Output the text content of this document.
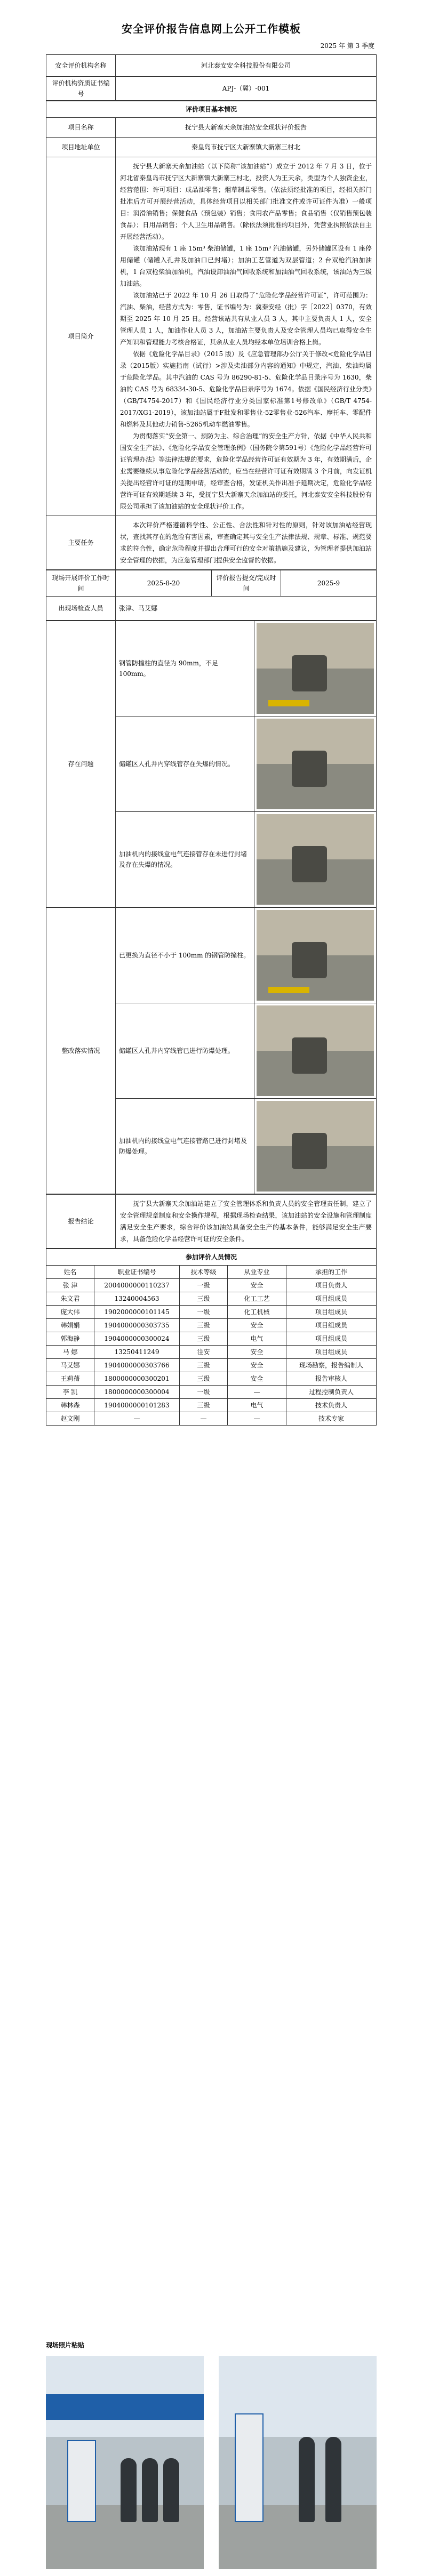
安全评价报告信息网上公开工作模板
2025 年 第 3 季度
安全评价机构名称	河北泰安安全科技股份有限公司
评价机构资质证书编号	APJ-（冀）-001
评价项目基本情况	
项目名称	抚宁县大新寨天余加油站安全现状评价报告
项目地址单位	秦皇岛市抚宁区大新寨镇大新寨三村北
项目简介	抚宁县大新寨天余加油站（以下简称“该加油站”）成立于 2012 年 7 月 3 日，位于河北省秦皇岛市抚宁区大新寨镇大新寨三村北，投资人为王天余，类型为个人独资企业，经营范围：许可项目：成品油零售；烟草制品零售。（依法须经批准的项目，经相关部门批准后方可开展经营活动，具体经营项目以相关部门批准文件或许可证件为准）一般项目：润滑油销售；保健食品（预包装）销售；食用农产品零售；食品销售（仅销售预包装食品）；日用品销售；个人卫生用品销售。（除依法须批准的项目外，凭营业执照依法自主开展经营活动）。
该加油站现有 1 座 15m³ 柴油储罐，1 座 15m³ 汽油储罐，另外储罐区设有 1 座停用储罐（储罐入孔井及加油口已封堵）；加油工艺管道为双层管道；2 台双枪汽油加油机，1 台双枪柴油加油机，汽油设卸油油气回收系统和加油油气回收系统，该油站为三级加油站。
该加油站已于 2022 年 10 月 26 日取得了“危险化学品经营许可证”，许可范围为：汽油、柴油，经营方式为：零售，证书编号为：冀秦安经（批）字［2022］0370，有效期至 2025 年 10 月 25 日。经营该站共有从业人员 3 人，其中主要负责人 1 人，安全管理人员 1 人，加油作业人员 3 人，加油站主要负责人及安全管理人员均已取得安全生产知识和管理能力考核合格证，其余从业人员均经本单位培训合格上岗。
依据《危险化学品目录》（2015 版）及《应急管理部办公厅关于修改<危险化学品目录（2015版）实施指南（试行）>涉及柴油部分内容的通知》中规定，汽油、柴油均属于危险化学品。其中汽油的 CAS 号为 86290-81-5、危险化学品目录序号为 1630，柴油的 CAS 号为 68334-30-5、危险化学品目录序号为 1674。依据《国民经济行业分类》（GB/T4754-2017）和《国民经济行业分类国家标准第1号修改单》（GB/T 4754-2017/XG1-2019），该加油站属于F批发和零售业-52零售业-526汽车、摩托车、零配件和燃料及其他动力销售-5265机动车燃油零售。
为贯彻落实“安全第一、预防为主、综合治理”的安全生产方针，依据《中华人民共和国安全生产法》、《危险化学品安全管理条例》（国务院令第591号）《危险化学品经营许可证管理办法》等法律法规的要求，危险化学品经营许可证有效期为 3 年，有效期满后，企业需要继续从事危险化学品经营活动的，应当在经营许可证有效期满 3 个月前，向发证机关提出经营许可证的延期申请，经审查合格，发证机关作出准予延期决定，危险化学品经营许可证有效期延续 3 年，受抚宁县大新寨天余加油站的委托，河北泰安安全科技股份有限公司承担了该加油站的安全现状评价工作。

主要任务	本次评价严格遵循科学性、公正性、合法性和针对性的原则，针对该加油站经营现状，查找其存在的危险有害因素，审查确定其与安全生产法律法规、规章、标准、规范要求的符合性，确定危险程度并提出合理可行的安全对策措施及建议，为管理者提供加油站安全管理的依据，为应急管理部门提供安全监督的依据。
现场开展评价工作时间	2025-8-20	评价报告提交/完成时间	2025-9
出现场检查人员	张津、马艾娜		
存在问题	钢管防撞柱的直径为 90mm，不足 100mm。	

	储罐区人孔井内穿线管存在失爆的情况。	

	加油机内的接线盒电气连接管存在未进行封堵及存在失爆的情况。	
整改落实情况	已更换为直径不小于 100mm 的钢管防撞柱。	

	储罐区人孔井内穿线管已进行防爆处理。	

	加油机内的接线盒电气连接管路已进行封堵及防爆处理。	
报告结论	抚宁县大新寨天余加油站建立了安全管理体系和负责人员的安全管理责任制，建立了安全管理规章制度和安全操作规程，根据现场检查结果，该加油站的安全设施和管理制度满足安全生产要求，综合评价该加油站具备安全生产的基本条件，能够满足安全生产要求，具备危险化学品经营许可证的安全条件。
参加评价人员情况				
姓名	职业证书编号	技术等级	从业专业	承担的工作
张 津	2004000000110237	一级	安全	项目负责人
朱文君	13240004563	三级	化工工艺	项目组成员
庞大伟	1902000000101145	一级	化工机械	项目组成员
韩娟娟	1904000000303735	三级	安全	项目组成员
郭海静	1904000000300024	三级	电气	项目组成员
马 娜	13250411249	注安	安全	项目组成员
马艾娜	1904000000303766	三级	安全	现场勘察，报告编制人
王莉蒨	1800000000300201	三级	安全	报告审核人
李 凯	1800000000300004	一级	—	过程控制负责人
韩林森	1904000000101283	三级	电气	技术负责人
赵文刚	—	—	—	技术专家
现场照片粘贴
